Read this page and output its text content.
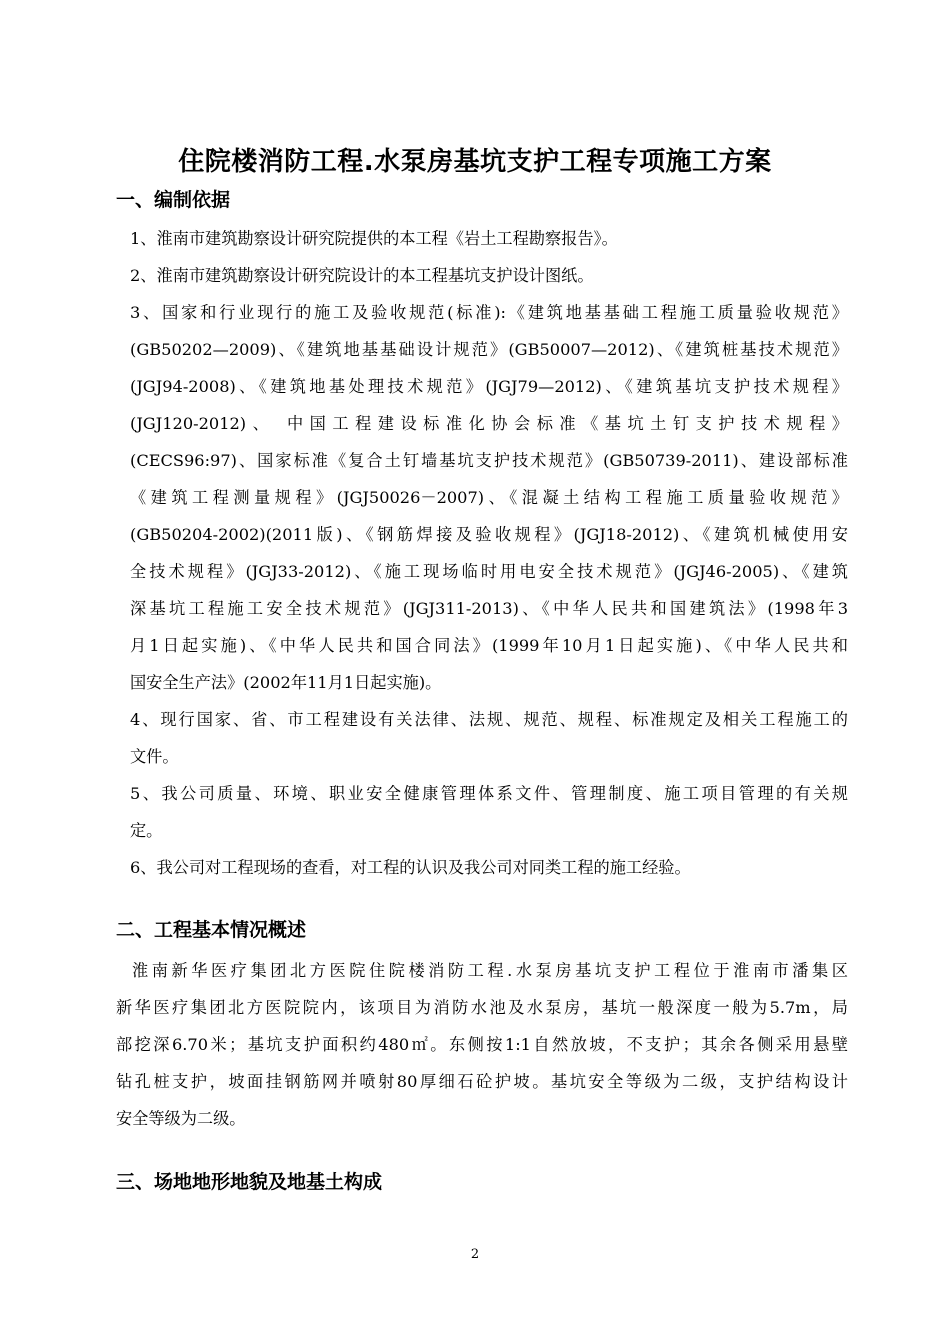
住院楼消防工程.水泵房基坑支护工程专项施工方案
一、编制依据
1、淮南市建筑勘察设计研究院提供的本工程《岩土工程勘察报告》。
2、淮南市建筑勘察设计研究院设计的本工程基坑支护设计图纸。
3、国家和行业现行的施工及验收规范(标准):《建筑地基基础工程施工质量验收规范》
(GB50202—2009)、《建筑地基基础设计规范》(GB50007—2012)、《建筑桩基技术规范》
(JGJ94-2008)、《建筑地基处理技术规范》(JGJ79—2012)、《建筑基坑支护技术规程》
(JGJ120-2012)、 中国工程建设标准化协会标准《基坑土钉支护技术规程》
(CECS96:97)、国家标准《复合土钉墙基坑支护技术规范》(GB50739-2011)、建设部标准
《建筑工程测量规程》(JGJ50026－2007)、《混凝土结构工程施工质量验收规范》
(GB50204-2002)(2011版)、《钢筋焊接及验收规程》(JGJ18-2012)、《建筑机械使用安
全技术规程》(JGJ33-2012)、《施工现场临时用电安全技术规范》(JGJ46-2005)、《建筑
深基坑工程施工安全技术规范》(JGJ311-2013)、《中华人民共和国建筑法》(1998年3
月1日起实施)、《中华人民共和国合同法》(1999年10月1日起实施)、《中华人民共和
国安全生产法》(2002年11月1日起实施)。
4、现行国家、省、市工程建设有关法律、法规、规范、规程、标准规定及相关工程施工的
文件。
5、我公司质量、环境、职业安全健康管理体系文件、管理制度、施工项目管理的有关规
定。
6、我公司对工程现场的查看，对工程的认识及我公司对同类工程的施工经验。
二、工程基本情况概述
淮南新华医疗集团北方医院住院楼消防工程.水泵房基坑支护工程位于淮南市潘集区
新华医疗集团北方医院院内，该项目为消防水池及水泵房，基坑一般深度一般为5.7m，局
部挖深6.70米；基坑支护面积约480㎡。东侧按1:1自然放坡，不支护；其余各侧采用悬壁
钻孔桩支护，坡面挂钢筋网并喷射80厚细石砼护坡。基坑安全等级为二级，支护结构设计
安全等级为二级。
三、场地地形地貌及地基土构成
2
